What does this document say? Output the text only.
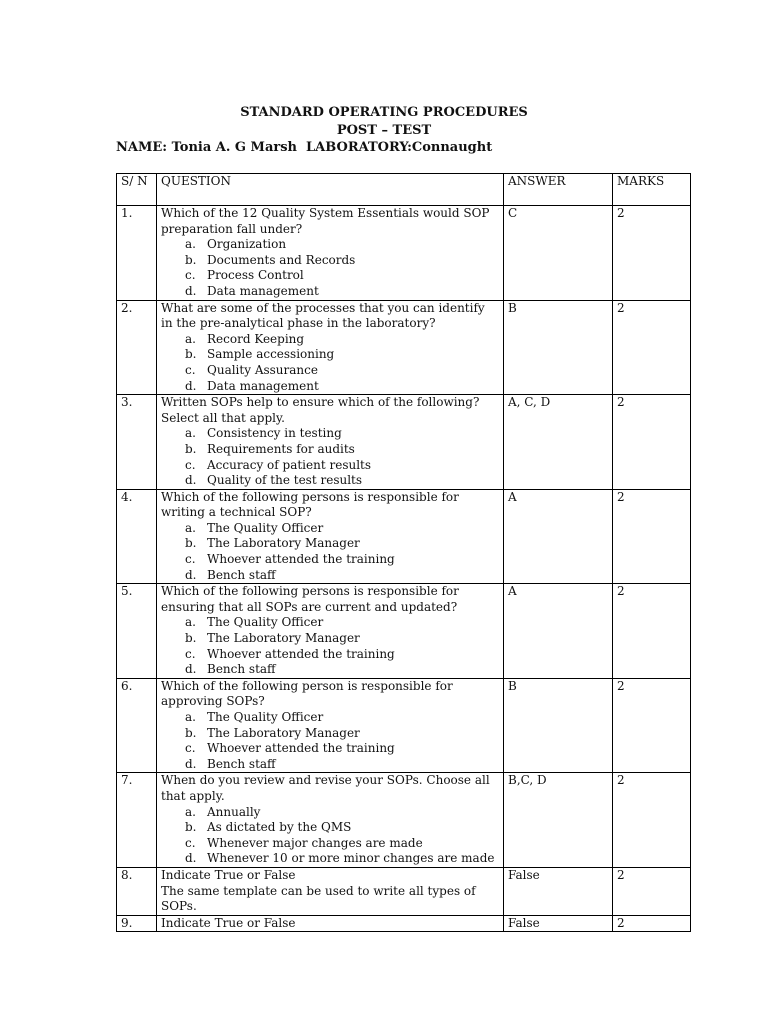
STANDARD OPERATING PROCEDURES
POST – TEST
NAME: Tonia A. G Marsh  LABORATORY:Connaught
S/ N	QUESTION	ANSWER	MARKS
1.	Which of the 12 Quality System Essentials would SOP preparation fall under?
a. Organization
b. Documents and Records
c. Process Control
d. Data management	C	2
2.	What are some of the processes that you can identify in the pre-analytical phase in the laboratory?
a. Record Keeping
b. Sample accessioning
c. Quality Assurance
d. Data management	B	2
3.	Written SOPs help to ensure which of the following? Select all that apply.
a. Consistency in testing
b. Requirements for audits
c. Accuracy of patient results
d. Quality of the test results	A, C, D	2
4.	Which of the following persons is responsible for writing a technical SOP?
a. The Quality Officer
b. The Laboratory Manager
c. Whoever attended the training
d. Bench staff	A	2
5.	Which of the following persons is responsible for ensuring that all SOPs are current and updated?
a. The Quality Officer
b. The Laboratory Manager
c. Whoever attended the training
d. Bench staff	A	2
6.	Which of the following person is responsible for approving SOPs?
a. The Quality Officer
b. The Laboratory Manager
c. Whoever attended the training
d. Bench staff	B	2
7.	When do you review and revise your SOPs. Choose all that apply.
a. Annually
b. As dictated by the QMS
c. Whenever major changes are made
d. Whenever 10 or more minor changes are made	B,C, D	2
8.	Indicate True or False
The same template can be used to write all types of SOPs.	False	2
9.	Indicate True or False	False	2
